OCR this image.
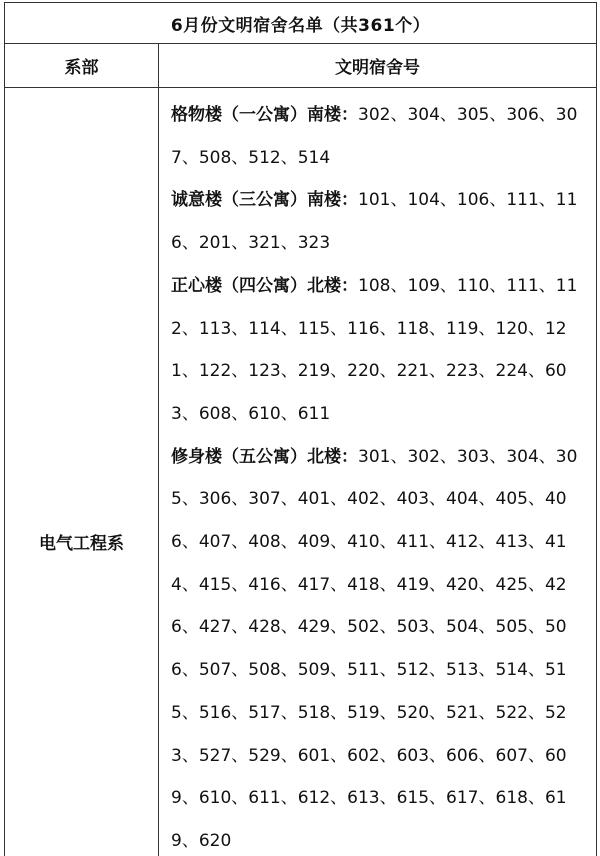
6月份文明宿舍名单（共361个）	
系部	文明宿舍号
电气工程系	格物楼（一公寓）南楼：302、304、305、306、307、508、512、514
诚意楼（三公寓）南楼：101、104、106、111、116、201、321、323
正心楼（四公寓）北楼：108、109、110、111、112、113、114、115、116、118、119、120、121、122、123、219、220、221、223、224、603、608、610、611
修身楼（五公寓）北楼：301、302、303、304、305、306、307、401、402、403、404、405、406、407、408、409、410、411、412、413、414、415、416、417、418、419、420、425、426、427、428、429、502、503、504、505、506、507、508、509、511、512、513、514、515、516、517、518、519、520、521、522、523、527、529、601、602、603、606、607、609、610、611、612、613、615、617、618、619、620
